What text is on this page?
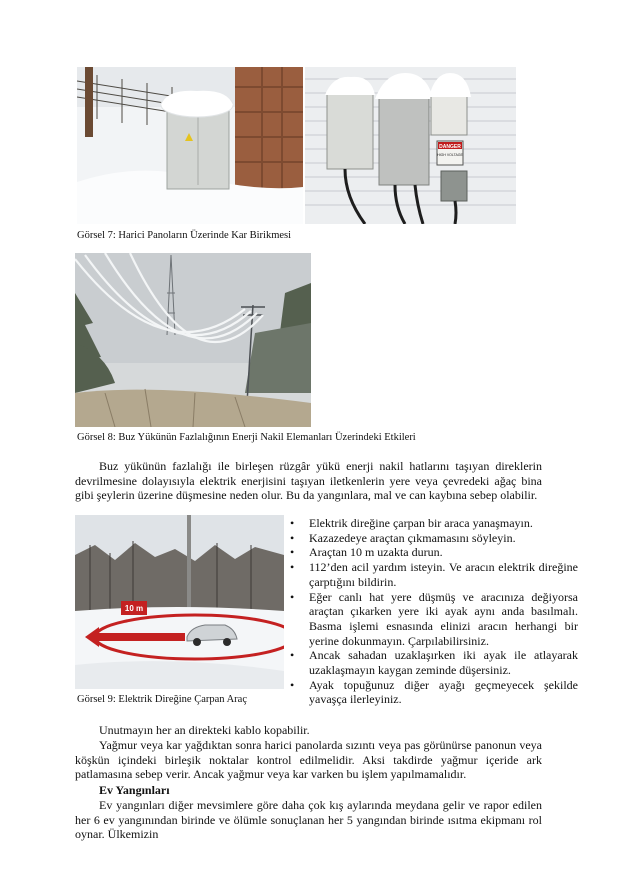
DANGER
HIGH VOLTAGE
Görsel 7: Harici Panoların Üzerinde Kar Birikmesi
Görsel 8: Buz Yükünün Fazlalığının Enerji Nakil Elemanları Üzerindeki Etkileri
Buz yükünün fazlalığı ile birleşen rüzgâr yükü enerji nakil hatlarını taşıyan direklerin devrilmesine dolayısıyla elektrik enerjisini taşıyan iletkenlerin yere veya çevredeki ağaç bina gibi şeylerin üzerine düşmesine neden olur. Bu da yangınlara, mal ve can kaybına sebep olabilir.
10 m
Görsel 9: Elektrik Direğine Çarpan Araç
• Elektrik direğine çarpan bir araca yanaşmayın.
• Kazazedeye araçtan çıkmamasını söyleyin.
• Araçtan 10 m uzakta durun.
• 112’den acil yardım isteyin. Ve aracın elektrik direğine çarptığını bildirin.
• Eğer canlı hat yere düşmüş ve aracınıza değiyorsa araçtan çıkarken yere iki ayak aynı anda basılmalı. Basma işlemi esnasında elinizi aracın herhangi bir yerine dokunmayın. Çarpılabilirsiniz.
• Ancak sahadan uzaklaşırken iki ayak ile atlayarak uzaklaşmayın kaygan zeminde düşersiniz.
• Ayak topuğunuz diğer ayağı geçmeyecek şekilde yavaşça ilerleyiniz.
Unutmayın her an direkteki kablo kopabilir.
Yağmur veya kar yağdıktan sonra harici panolarda sızıntı veya pas görünürse panonun veya köşkün içindeki birleşik noktalar kontrol edilmelidir. Aksi takdirde yağmur içeride ark patlamasına sebep verir. Ancak yağmur veya kar varken bu işlem yapılmamalıdır.
Ev Yangınları
Ev yangınları diğer mevsimlere göre daha çok kış aylarında meydana gelir ve rapor edilen her 6 ev yangınından birinde ve ölümle sonuçlanan her 5 yangından birinde ısıtma ekipmanı rol oynar. Ülkemizin
